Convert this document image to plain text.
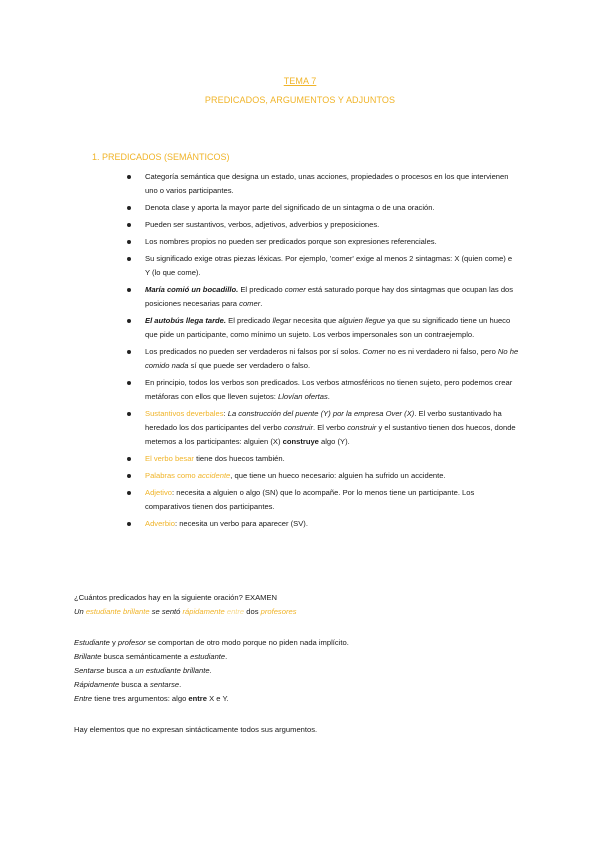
TEMA 7
PREDICADOS, ARGUMENTOS Y ADJUNTOS
1. PREDICADOS (SEMÁNTICOS)
Categoría semántica que designa un estado, unas acciones, propiedades o procesos en los que intervienen uno o varios participantes.
Denota clase y aporta la mayor parte del significado de un sintagma o de una oración.
Pueden ser sustantivos, verbos, adjetivos, adverbios y preposiciones.
Los nombres propios no pueden ser predicados porque son expresiones referenciales.
Su significado exige otras piezas léxicas. Por ejemplo, 'comer' exige al menos 2 sintagmas: X (quien come) e Y (lo que come).
María comió un bocadillo. El predicado comer está saturado porque hay dos sintagmas que ocupan las dos posiciones necesarias para comer.
El autobús llega tarde. El predicado llegar necesita que alguien llegue ya que su significado tiene un hueco que pide un participante, como mínimo un sujeto. Los verbos impersonales son un contraejemplo.
Los predicados no pueden ser verdaderos ni falsos por sí solos. Comer no es ni verdadero ni falso, pero No he comido nada sí que puede ser verdadero o falso.
En principio, todos los verbos son predicados. Los verbos atmosféricos no tienen sujeto, pero podemos crear metáforas con ellos que lleven sujetos: Llovían ofertas.
Sustantivos deverbales: La construcción del puente (Y) por la empresa Over (X). El verbo sustantivado ha heredado los dos participantes del verbo construir. El verbo construir y el sustantivo tienen dos huecos, donde metemos a los participantes: alguien (X) construye algo (Y).
El verbo besar tiene dos huecos también.
Palabras como accidente, que tiene un hueco necesario: alguien ha sufrido un accidente.
Adjetivo: necesita a alguien o algo (SN) que lo acompañe. Por lo menos tiene un participante. Los comparativos tienen dos participantes.
Adverbio: necesita un verbo para aparecer (SV).

¿Cuántos predicados hay en la siguiente oración? EXAMEN

Un estudiante brillante se sentó rápidamente entre dos profesores

Estudiante y profesor se comportan de otro modo porque no piden nada implícito.

Brillante busca semánticamente a estudiante.

Sentarse busca a un estudiante brillante.

Rápidamente busca a sentarse.

Entre tiene tres argumentos: algo entre X e Y.

Hay elementos que no expresan sintácticamente todos sus argumentos.
